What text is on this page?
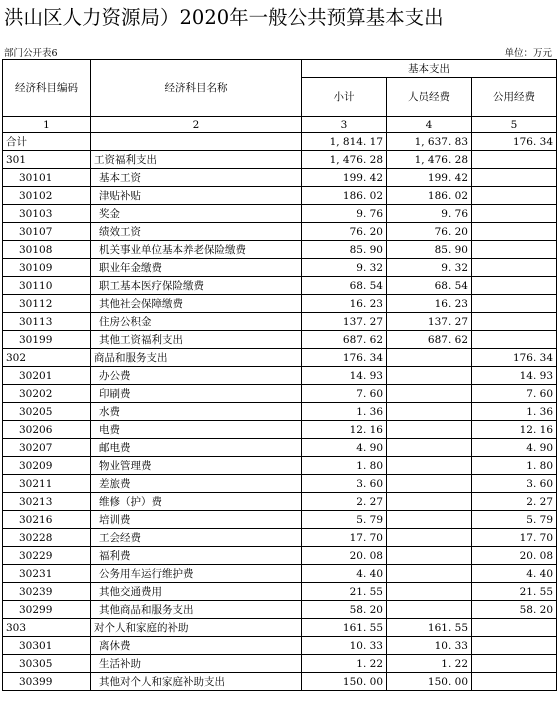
洪山区人力资源局）2020年一般公共预算基本支出
部门公开表6	单位：万元
经济科目编码	经济科目名称	基本支出		
		小计	人员经费	公用经费
1	2	3	4	5
合计		1, 814. 17	1, 637. 83	176. 34
301	工资福利支出	1, 476. 28	1, 476. 28	
30101	基本工资	199. 42	199. 42	
30102	津贴补贴	186. 02	186. 02	
30103	奖金	9. 76	9. 76	
30107	绩效工资	76. 20	76. 20	
30108	机关事业单位基本养老保险缴费	85. 90	85. 90	
30109	职业年金缴费	9. 32	9. 32	
30110	职工基本医疗保险缴费	68. 54	68. 54	
30112	其他社会保障缴费	16. 23	16. 23	
30113	住房公积金	137. 27	137. 27	
30199	其他工资福利支出	687. 62	687. 62	
302	商品和服务支出	176. 34		176. 34
30201	办公费	14. 93		14. 93
30202	印刷费	7. 60		7. 60
30205	水费	1. 36		1. 36
30206	电费	12. 16		12. 16
30207	邮电费	4. 90		4. 90
30209	物业管理费	1. 80		1. 80
30211	差旅费	3. 60		3. 60
30213	维修（护）费	2. 27		2. 27
30216	培训费	5. 79		5. 79
30228	工会经费	17. 70		17. 70
30229	福利费	20. 08		20. 08
30231	公务用车运行维护费	4. 40		4. 40
30239	其他交通费用	21. 55		21. 55
30299	其他商品和服务支出	58. 20		58. 20
303	对个人和家庭的补助	161. 55	161. 55	
30301	离休费	10. 33	10. 33	
30305	生活补助	1. 22	1. 22	
30399	其他对个人和家庭补助支出	150. 00	150. 00	
